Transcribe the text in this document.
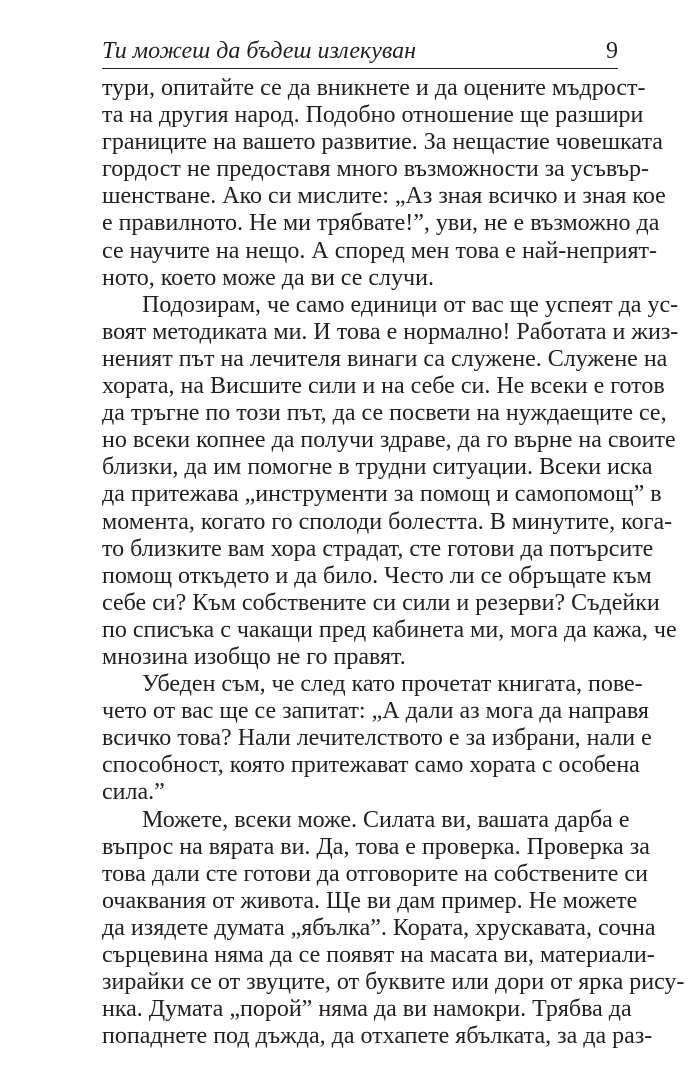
Ти можеш да бъдеш излекуван	9
тури, опитайте се да вникнете и да оцените мъдрост-
та на другия народ. Подобно отношение ще разшири
границите на вашето развитие. За нещастие човешката
гордост не предоставя много възможности за усъвър-
шенстване. Ако си мислите: „Аз зная всичко и зная кое
е правилното. Не ми трябвате!”, уви, не е възможно да
се научите на нещо. А според мен това е най-неприят-
ното, което може да ви се случи.
Подозирам, че само единици от вас ще успеят да ус-
воят методиката ми. И това е нормално! Работата и жиз-
неният път на лечителя винаги са служене. Служене на
хората, на Висшите сили и на себе си. Не всеки е готов
да тръгне по този път, да се посвети на нуждаещите се,
но всеки копнее да получи здраве, да го върне на своите
близки, да им помогне в трудни ситуации. Всеки иска
да притежава „инструменти за помощ и самопомощ” в
момента, когато го сполоди болестта. В минутите, кога-
то близките вам хора страдат, сте готови да потърсите
помощ откъдето и да било. Често ли се обръщате към
себе си? Към собствените си сили и резерви? Съдейки
по списъка с чакащи пред кабинета ми, мога да кажа, че
мнозина изобщо не го правят.
Убеден съм, че след като прочетат книгата, пове-
чето от вас ще се запитат: „А дали аз мога да направя
всичко това? Нали лечителството е за избрани, нали е
способност, която притежават само хората с особена
сила.”
Можете, всеки може. Силата ви, вашата дарба е
въпрос на вярата ви. Да, това е проверка. Проверка за
това дали сте готови да отговорите на собствените си
очаквания от живота. Ще ви дам пример. Не можете
да изядете думата „ябълка”. Кората, хрускавата, сочна
сърцевина няма да се появят на масата ви, материали-
зирайки се от звуците, от буквите или дори от ярка рису-
нка. Думата „порой” няма да ви намокри. Трябва да
попаднете под дъжда, да отхапете ябълката, за да раз-
